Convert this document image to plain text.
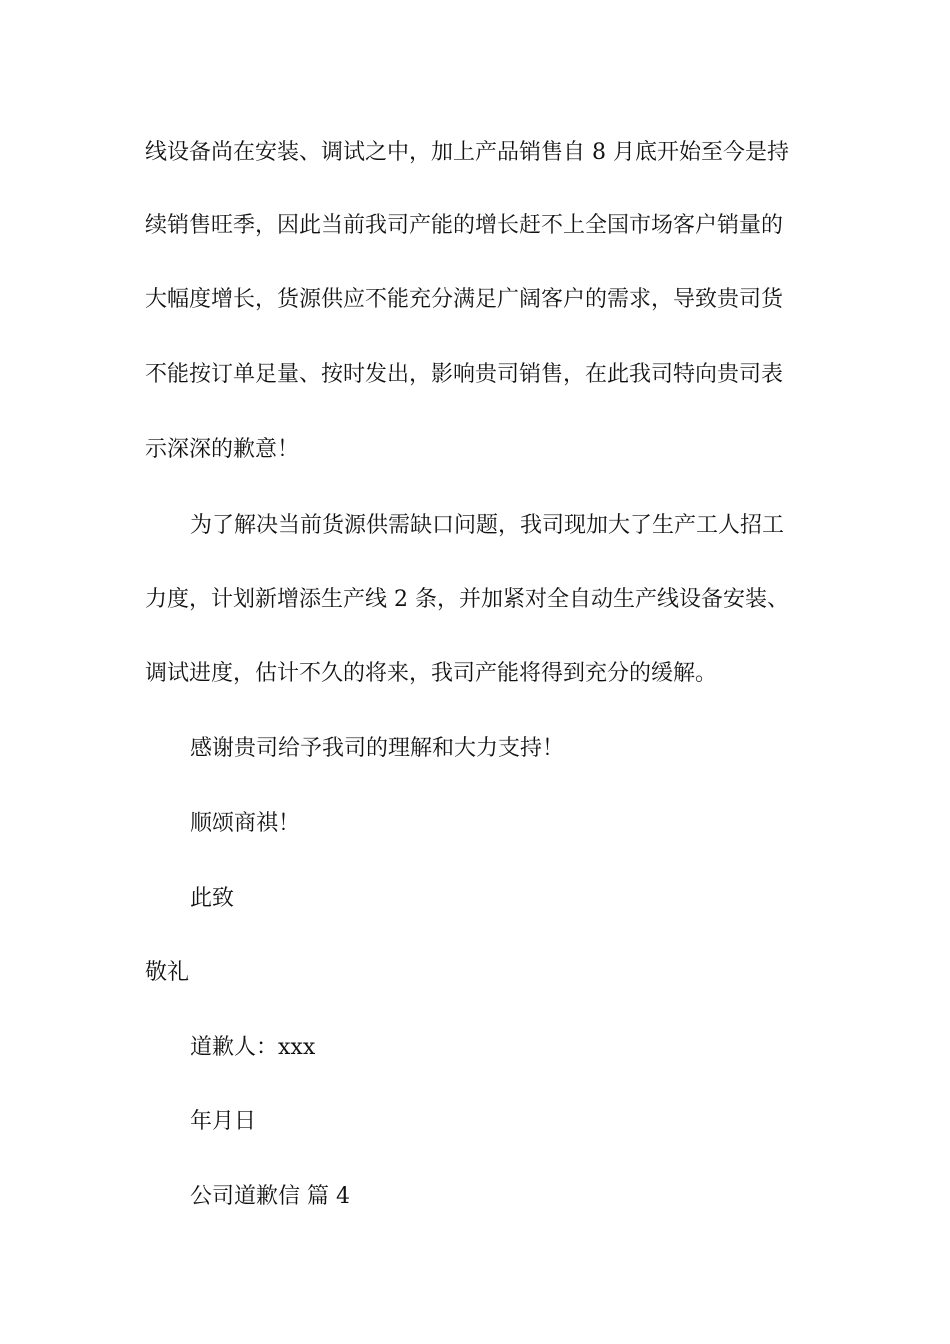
线设备尚在安装、调试之中，加上产品销售自 8 月底开始至今是持
续销售旺季，因此当前我司产能的增长赶不上全国市场客户销量的
大幅度增长，货源供应不能充分满足广阔客户的需求，导致贵司货
不能按订单足量、按时发出，影响贵司销售，在此我司特向贵司表
示深深的歉意！
为了解决当前货源供需缺口问题，我司现加大了生产工人招工
力度，计划新增添生产线 2 条，并加紧对全自动生产线设备安装、
调试进度，估计不久的将来，我司产能将得到充分的缓解。
感谢贵司给予我司的理解和大力支持！
顺颂商祺！
此致
敬礼
道歉人：xxx
年月日
公司道歉信 篇 4
